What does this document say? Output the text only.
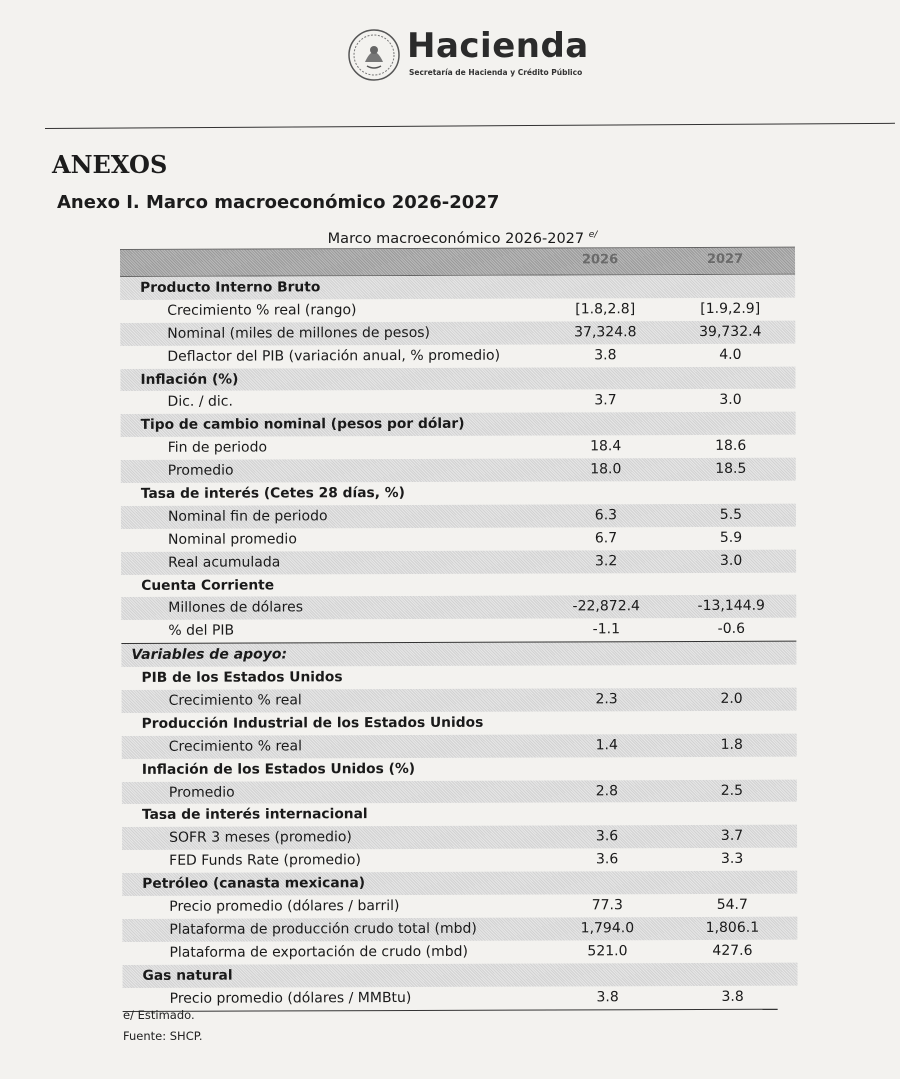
Hacienda
Secretaría de Hacienda y Crédito Público
ANEXOS
Anexo I. Marco macroeconómico 2026-2027
Marco macroeconómico 2026-2027 $^{e/}$
2026	2027
Producto Interno Bruto
Crecimiento % real (rango)	[1.8,2.8]	[1.9,2.9]
Nominal (miles de millones de pesos)	37,324.8	39,732.4
Deflactor del PIB (variación anual, % promedio)	3.8	4.0
Inflación (%)
Dic. / dic.	3.7	3.0
Tipo de cambio nominal (pesos por dólar)
Fin de periodo	18.4	18.6
Promedio	18.0	18.5
Tasa de interés (Cetes 28 días, %)
Nominal fin de periodo	6.3	5.5
Nominal promedio	6.7	5.9
Real acumulada	3.2	3.0
Cuenta Corriente
Millones de dólares	-22,872.4	-13,144.9
% del PIB	-1.1	-0.6
Variables de apoyo:
PIB de los Estados Unidos
Crecimiento % real	2.3	2.0
Producción Industrial de los Estados Unidos
Crecimiento % real	1.4	1.8
Inflación de los Estados Unidos (%)
Promedio	2.8	2.5
Tasa de interés internacional
SOFR 3 meses (promedio)	3.6	3.7
FED Funds Rate (promedio)	3.6	3.3
Petróleo (canasta mexicana)
Precio promedio (dólares / barril)	77.3	54.7
Plataforma de producción crudo total (mbd)	1,794.0	1,806.1
Plataforma de exportación de crudo (mbd)	521.0	427.6
Gas natural
Precio promedio (dólares / MMBtu)	3.8	3.8
e/ Estimado.
Fuente: SHCP.
